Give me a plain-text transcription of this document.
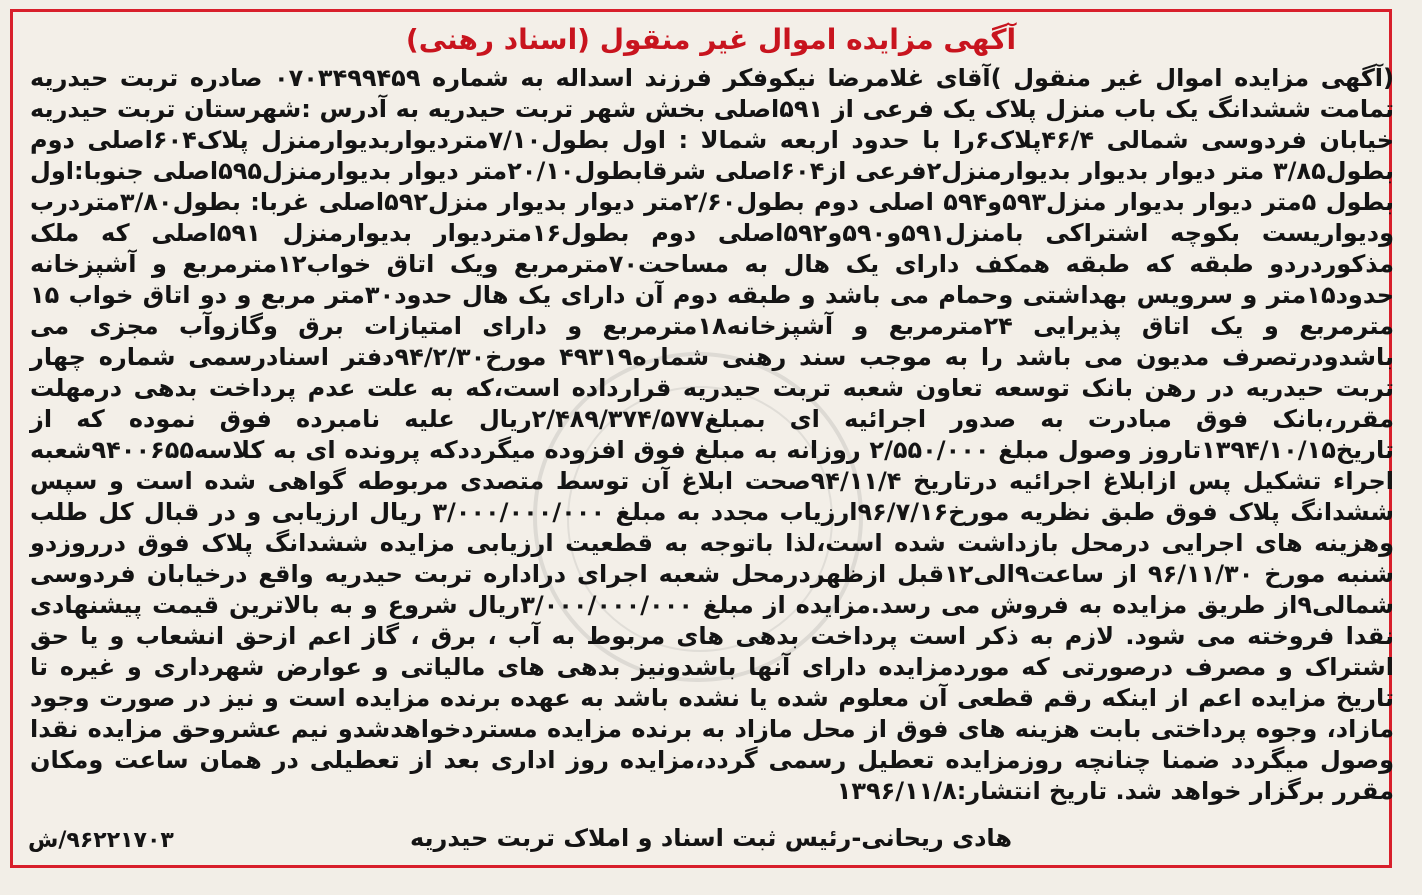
آگهی مزایده اموال غیر منقول (اسناد رهنی)
(آگهی مزایده اموال غیر منقول )آقای غلامرضا نیکوفکر فرزند اسداله به شماره ۰۷۰۳۴۹۹۴۵۹ صادره تربت حیدریه تمامت ششدانگ یک باب منزل پلاک یک فرعی از ۵۹۱اصلی بخش شهر تربت حیدریه به آدرس :شهرستان تربت حیدریه خیابان فردوسی شمالی ۴۶/۴پلاک۶را با حدود اربعه شمالا : اول بطول۷/۱۰متردیواربدیوارمنزل پلاک۶۰۴اصلی دوم بطول۳/۸۵ متر دیوار بدیوار بدیوارمنزل۲فرعی از۶۰۴اصلی شرقابطول۲۰/۱۰متر دیوار بدیوارمنزل۵۹۵اصلی جنوبا:اول بطول ۵متر دیوار بدیوار منزل۵۹۳و۵۹۴ اصلی دوم بطول۲/۶۰متر دیوار بدیوار منزل۵۹۲اصلی غربا: بطول۳/۸۰متردرب ودیواریست بکوچه اشتراکی بامنزل۵۹۱و۵۹۰و۵۹۲اصلی دوم بطول۱۶متردیوار بدیوارمنزل ۵۹۱اصلی که ملک مذکوردردو طبقه که طبقه همکف دارای یک هال به مساحت۷۰مترمربع ویک اتاق خواب۱۲مترمربع و آشپزخانه حدود۱۵متر و سرویس بهداشتی وحمام می باشد و طبقه دوم آن دارای یک هال حدود۳۰متر مربع و دو اتاق خواب ۱۵ مترمربع و یک اتاق پذیرایی ۲۴مترمربع و آشپزخانه۱۸مترمربع و دارای امتیازات برق وگازوآب مجزی می باشدودرتصرف مدیون می باشد را به موجب سند رهنی شماره۴۹۳۱۹ مورخ۹۴/۲/۳۰دفتر اسنادرسمی شماره چهار تربت حیدریه در رهن بانک توسعه تعاون شعبه تربت حیدریه قرارداده است،که به علت عدم پرداخت بدهی درمهلت مقرر،بانک فوق مبادرت به صدور اجرائیه ای بمبلغ۲/۴۸۹/۳۷۴/۵۷۷ریال علیه نامبرده فوق نموده که از تاریخ۱۳۹۴/۱۰/۱۵تاروز وصول مبلغ ۲/۵۵۰/۰۰۰ روزانه به مبلغ فوق افزوده میگرددکه پرونده ای به کلاسه۹۴۰۰۶۵۵شعبه اجراء تشکیل پس ازابلاغ اجرائیه درتاریخ ۹۴/۱۱/۴صحت ابلاغ آن توسط متصدی مربوطه گواهی شده است و سپس ششدانگ پلاک فوق طبق نظریه مورخ۹۶/۷/۱۶ارزیاب مجدد به مبلغ ۳/۰۰۰/۰۰۰/۰۰۰ ریال ارزیابی و در قبال کل طلب وهزینه های اجرایی درمحل بازداشت شده است،لذا باتوجه به قطعیت ارزیابی مزایده ششدانگ پلاک فوق درروزدو شنبه مورخ ۹۶/۱۱/۳۰ از ساعت۹الی۱۲قبل ازظهردرمحل شعبه اجرای دراداره تربت حیدریه واقع درخیابان فردوسی شمالی۹از طریق مزایده به فروش می رسد.مزایده از مبلغ ۳/۰۰۰/۰۰۰/۰۰۰ریال شروع و به بالاترین قیمت پیشنهادی نقدا فروخته می شود. لازم به ذکر است پرداخت بدهی های مربوط به آب ، برق ، گاز اعم ازحق انشعاب و یا حق اشتراک و مصرف درصورتی که موردمزایده دارای آنها باشدونیز بدهی های مالیاتی و عوارض شهرداری و غیره تا تاریخ مزایده اعم از اینکه رقم قطعی آن معلوم شده یا نشده باشد به عهده برنده مزایده است و نیز در صورت وجود مازاد، وجوه پرداختی بابت هزینه های فوق از محل مازاد به برنده مزایده مستردخواهدشدو نیم عشروحق مزایده نقدا وصول میگردد ضمنا چنانچه روزمزایده تعطیل رسمی گردد،مزایده روز اداری بعد از تعطیلی در همان ساعت ومکان مقرر برگزار خواهد شد. تاریخ انتشار:۱۳۹۶/۱۱/۸
هادی ریحانی-رئیس ثبت اسناد و املاک تربت حیدریه
۹۶۲۲۱۷۰۳/ش
